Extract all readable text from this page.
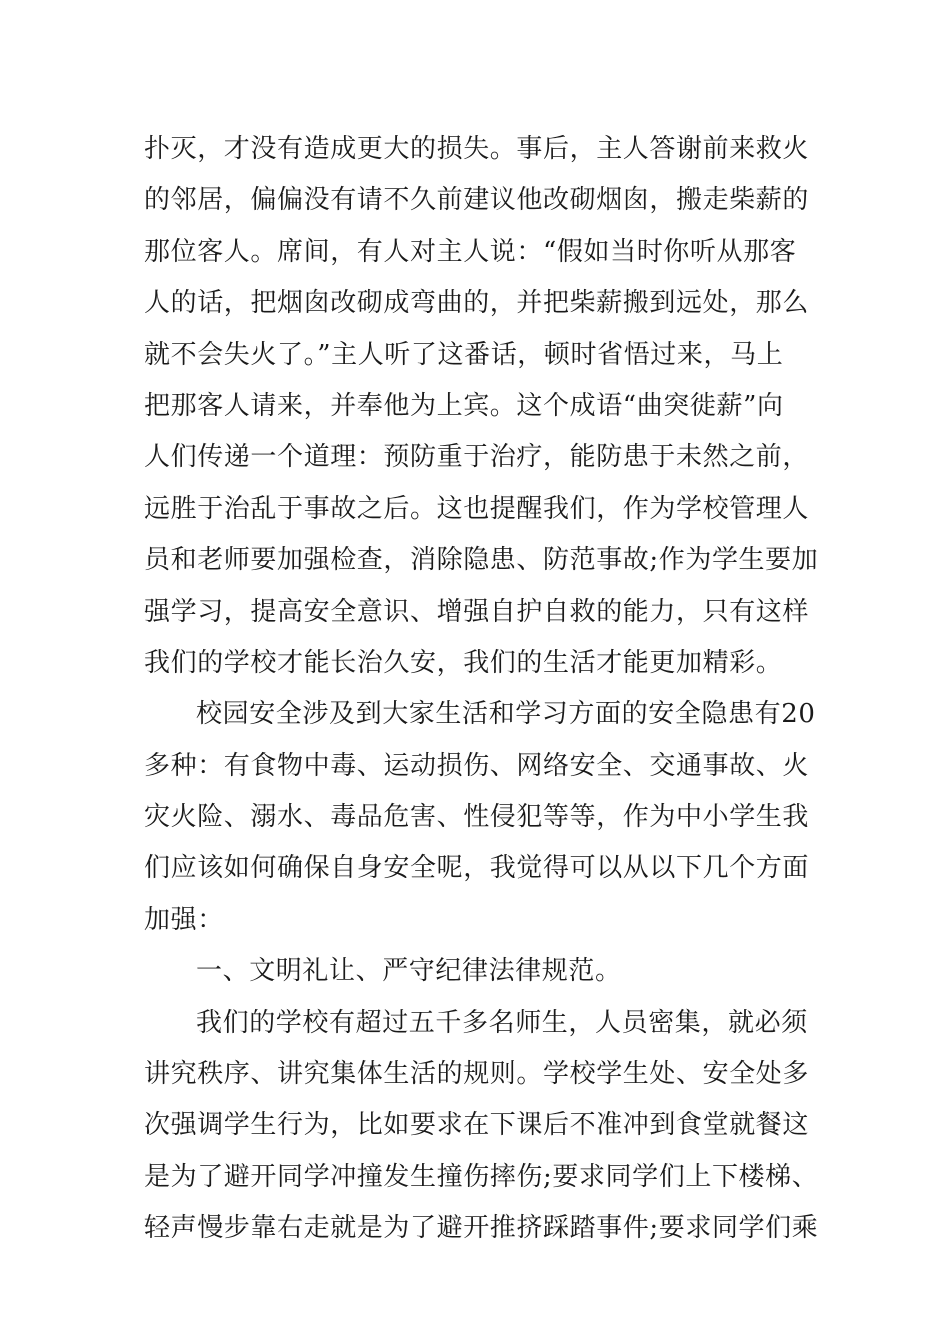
扑灭，才没有造成更大的损失。事后，主人答谢前来救火
的邻居，偏偏没有请不久前建议他改砌烟囱，搬走柴薪的
那位客人。席间，有人对主人说：“假如当时你听从那客
人的话，把烟囱改砌成弯曲的，并把柴薪搬到远处，那么
就不会失火了。”主人听了这番话，顿时省悟过来，马上
把那客人请来，并奉他为上宾。这个成语“曲突徙薪”向
人们传递一个道理：预防重于治疗，能防患于未然之前，
远胜于治乱于事故之后。这也提醒我们，作为学校管理人
员和老师要加强检查，消除隐患、防范事故;作为学生要加
强学习，提高安全意识、增强自护自救的能力，只有这样
我们的学校才能长治久安，我们的生活才能更加精彩。
校园安全涉及到大家生活和学习方面的安全隐患有20
多种：有食物中毒、运动损伤、网络安全、交通事故、火
灾火险、溺水、毒品危害、性侵犯等等，作为中小学生我
们应该如何确保自身安全呢，我觉得可以从以下几个方面
加强：
一、文明礼让、严守纪律法律规范。
我们的学校有超过五千多名师生，人员密集，就必须
讲究秩序、讲究集体生活的规则。学校学生处、安全处多
次强调学生行为，比如要求在下课后不准冲到食堂就餐这
是为了避开同学冲撞发生撞伤摔伤;要求同学们上下楼梯、
轻声慢步靠右走就是为了避开推挤踩踏事件;要求同学们乘
